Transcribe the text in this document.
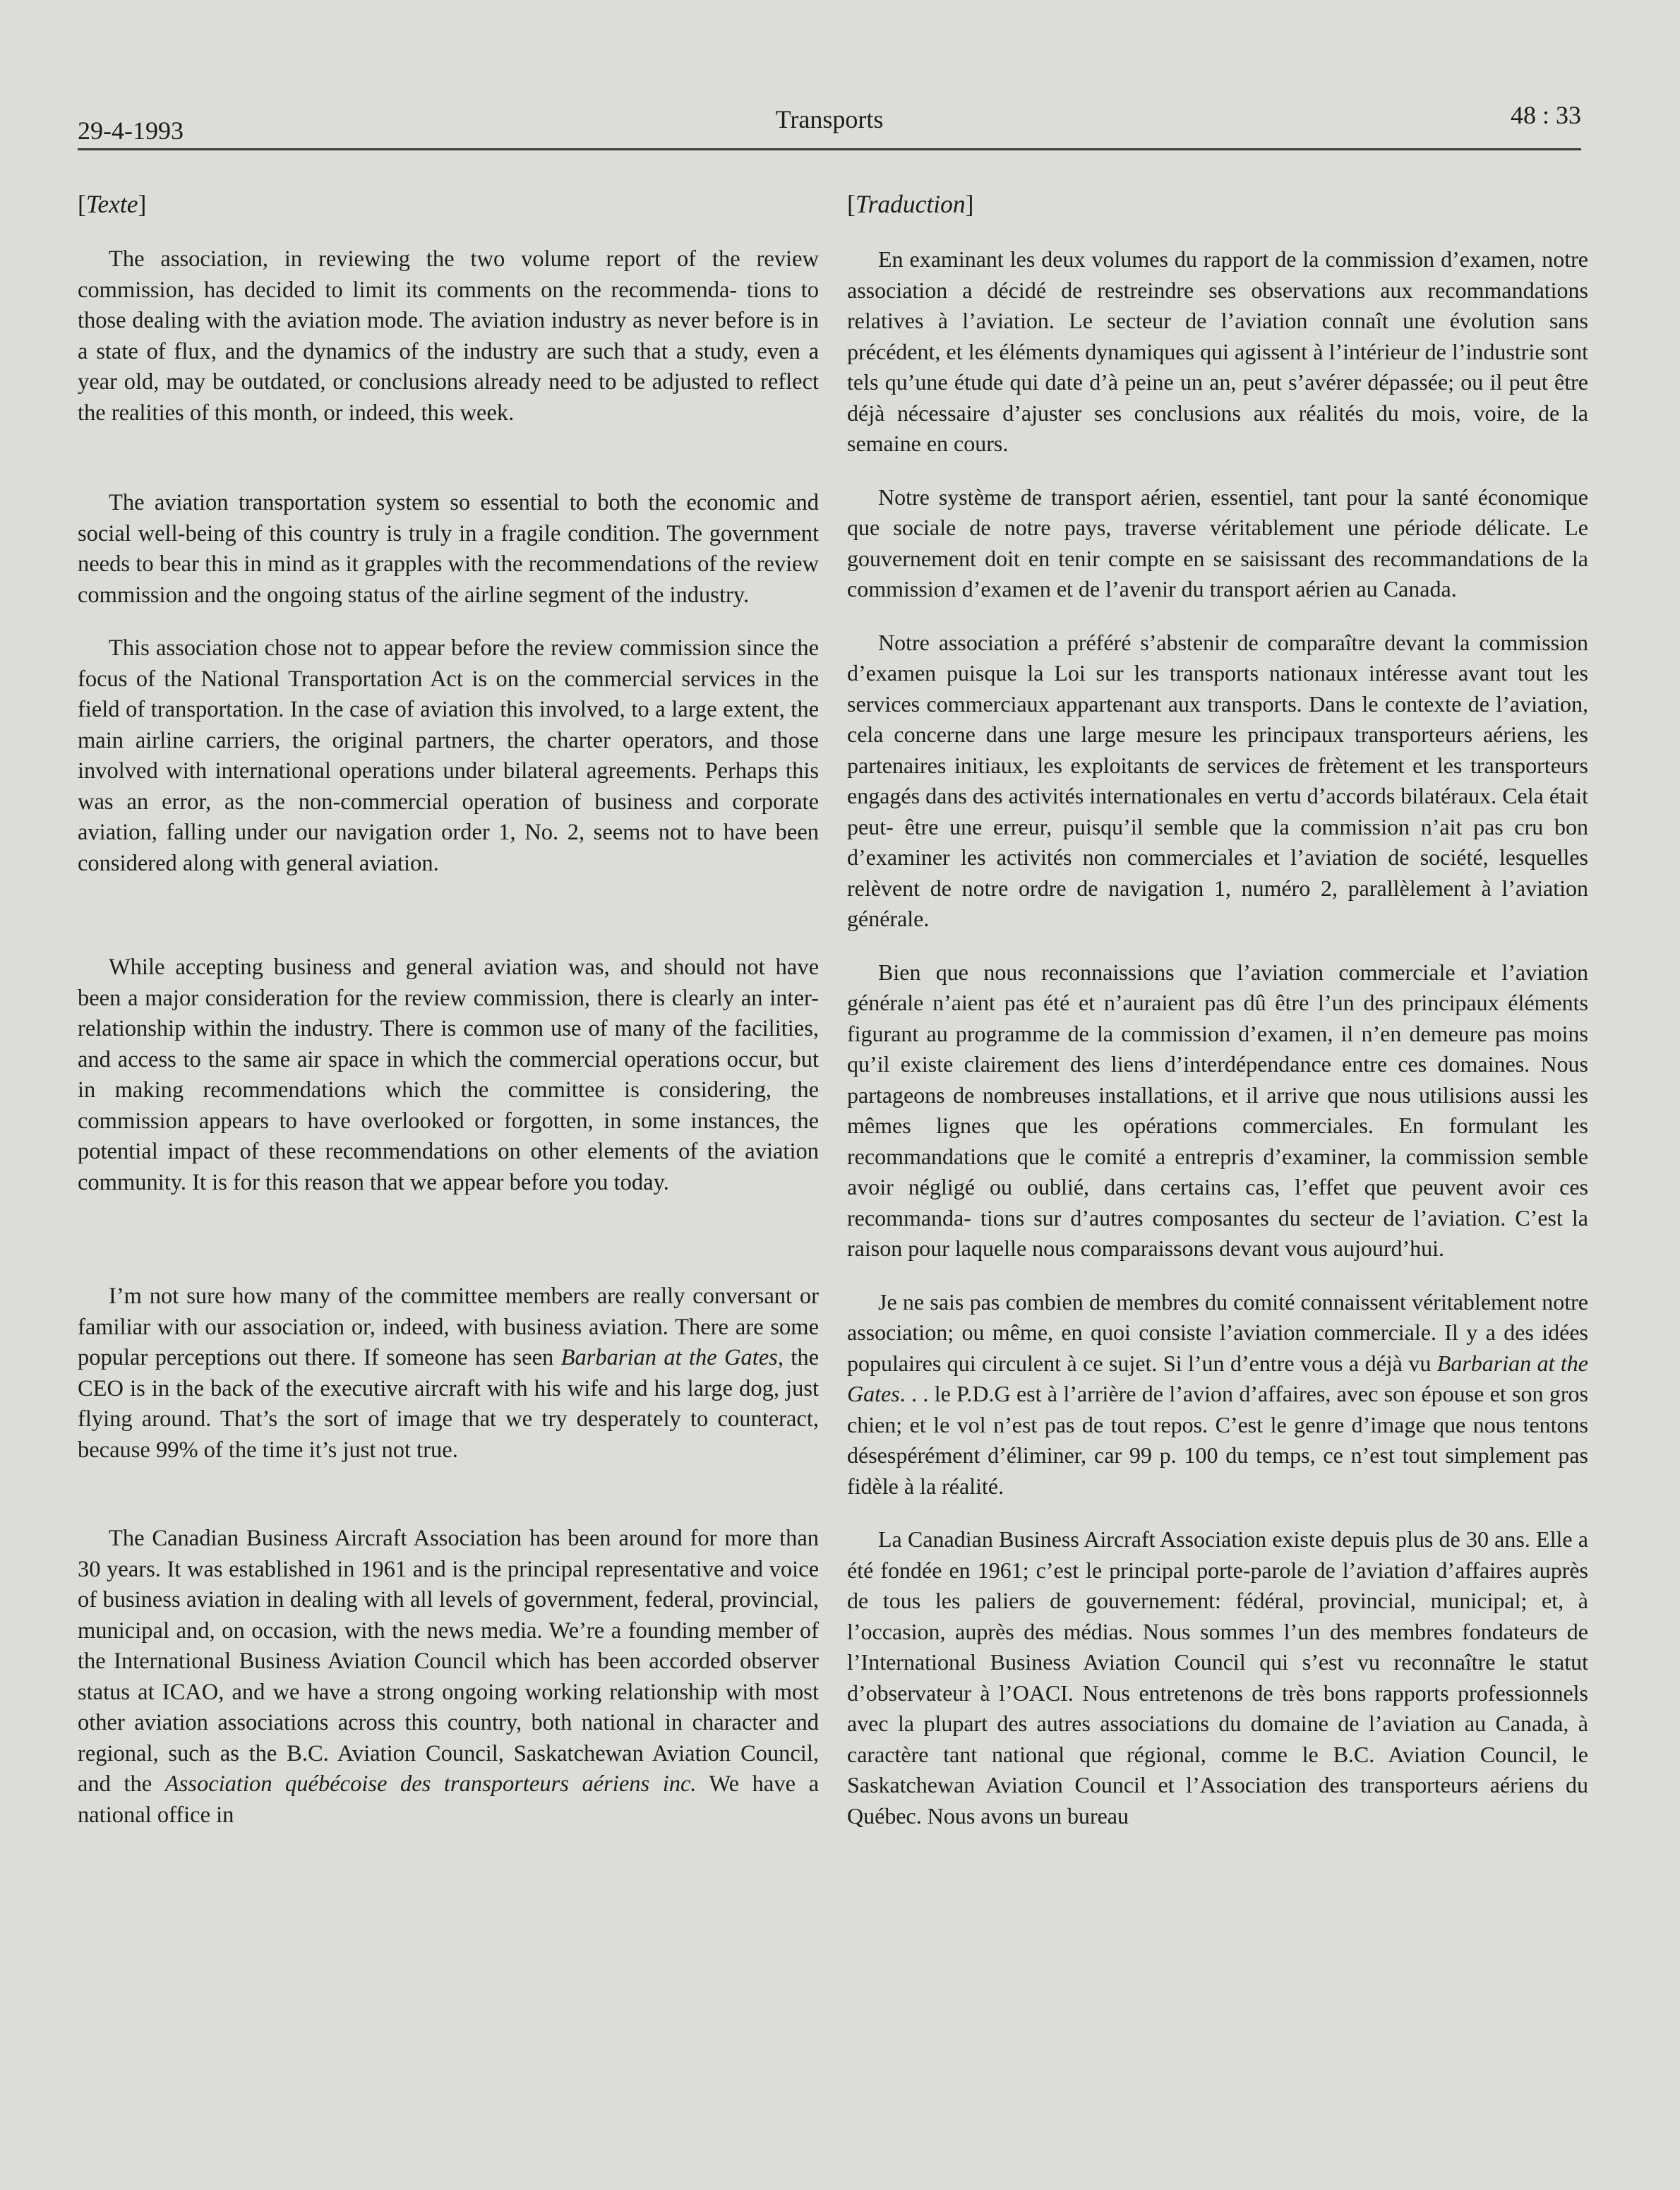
29-4-1993	Transports	48 : 33
[Texte]

The association, in reviewing the two volume report of the review commission, has decided to limit its comments on the recommenda- tions to those dealing with the aviation mode. The aviation industry as never before is in a state of flux, and the dynamics of the industry are such that a study, even a year old, may be outdated, or conclusions already need to be adjusted to reflect the realities of this month, or indeed, this week.

The aviation transportation system so essential to both the economic and social well-being of this country is truly in a fragile condition. The government needs to bear this in mind as it grapples with the recommendations of the review commission and the ongoing status of the airline segment of the industry.

This association chose not to appear before the review commission since the focus of the National Transportation Act is on the commercial services in the field of transportation. In the case of aviation this involved, to a large extent, the main airline carriers, the original partners, the charter operators, and those involved with international operations under bilateral agreements. Perhaps this was an error, as the non-commercial operation of business and corporate aviation, falling under our navigation order 1, No. 2, seems not to have been considered along with general aviation.

While accepting business and general aviation was, and should not have been a major consideration for the review commission, there is clearly an inter-relationship within the industry. There is common use of many of the facilities, and access to the same air space in which the commercial operations occur, but in making recommendations which the committee is considering, the commission appears to have overlooked or forgotten, in some instances, the potential impact of these recommendations on other elements of the aviation community. It is for this reason that we appear before you today.

I’m not sure how many of the committee members are really conversant or familiar with our association or, indeed, with business aviation. There are some popular perceptions out there. If someone has seen Barbarian at the Gates, the CEO is in the back of the executive aircraft with his wife and his large dog, just flying around. That’s the sort of image that we try desperately to counteract, because 99% of the time it’s just not true.

The Canadian Business Aircraft Association has been around for more than 30 years. It was established in 1961 and is the principal representative and voice of business aviation in dealing with all levels of government, federal, provincial, municipal and, on occasion, with the news media. We’re a founding member of the International Business Aviation Council which has been accorded observer status at ICAO, and we have a strong ongoing working relationship with most other aviation associations across this country, both national in character and regional, such as the B.C. Aviation Council, Saskatchewan Aviation Council, and the Association québécoise des transporteurs aériens inc. We have a national office in

[Traduction]

En examinant les deux volumes du rapport de la commission d’examen, notre association a décidé de restreindre ses observations aux recommandations relatives à l’aviation. Le secteur de l’aviation connaît une évolution sans précédent, et les éléments dynamiques qui agissent à l’intérieur de l’industrie sont tels qu’une étude qui date d’à peine un an, peut s’avérer dépassée; ou il peut être déjà nécessaire d’ajuster ses conclusions aux réalités du mois, voire, de la semaine en cours.

Notre système de transport aérien, essentiel, tant pour la santé économique que sociale de notre pays, traverse véritablement une période délicate. Le gouvernement doit en tenir compte en se saisissant des recommandations de la commission d’examen et de l’avenir du transport aérien au Canada.

Notre association a préféré s’abstenir de comparaître devant la commission d’examen puisque la Loi sur les transports nationaux intéresse avant tout les services commerciaux appartenant aux transports. Dans le contexte de l’aviation, cela concerne dans une large mesure les principaux transporteurs aériens, les partenaires initiaux, les exploitants de services de frètement et les transporteurs engagés dans des activités internationales en vertu d’accords bilatéraux. Cela était peut- être une erreur, puisqu’il semble que la commission n’ait pas cru bon d’examiner les activités non commerciales et l’aviation de société, lesquelles relèvent de notre ordre de navigation 1, numéro 2, parallèlement à l’aviation générale.

Bien que nous reconnaissions que l’aviation commerciale et l’aviation générale n’aient pas été et n’auraient pas dû être l’un des principaux éléments figurant au programme de la commission d’examen, il n’en demeure pas moins qu’il existe clairement des liens d’interdépendance entre ces domaines. Nous partageons de nombreuses installations, et il arrive que nous utilisions aussi les mêmes lignes que les opérations commerciales. En formulant les recommandations que le comité a entrepris d’examiner, la commission semble avoir négligé ou oublié, dans certains cas, l’effet que peuvent avoir ces recommanda- tions sur d’autres composantes du secteur de l’aviation. C’est la raison pour laquelle nous comparaissons devant vous aujourd’hui.

Je ne sais pas combien de membres du comité connaissent véritablement notre association; ou même, en quoi consiste l’aviation commerciale. Il y a des idées populaires qui circulent à ce sujet. Si l’un d’entre vous a déjà vu Barbarian at the Gates. . . le P.D.G est à l’arrière de l’avion d’affaires, avec son épouse et son gros chien; et le vol n’est pas de tout repos. C’est le genre d’image que nous tentons désespérément d’éliminer, car 99 p. 100 du temps, ce n’est tout simplement pas fidèle à la réalité.

La Canadian Business Aircraft Association existe depuis plus de 30 ans. Elle a été fondée en 1961; c’est le principal porte-parole de l’aviation d’affaires auprès de tous les paliers de gouvernement: fédéral, provincial, municipal; et, à l’occasion, auprès des médias. Nous sommes l’un des membres fondateurs de l’International Business Aviation Council qui s’est vu reconnaître le statut d’observateur à l’OACI. Nous entretenons de très bons rapports professionnels avec la plupart des autres associations du domaine de l’aviation au Canada, à caractère tant national que régional, comme le B.C. Aviation Council, le Saskatchewan Aviation Council et l’Association des transporteurs aériens du Québec. Nous avons un bureau
